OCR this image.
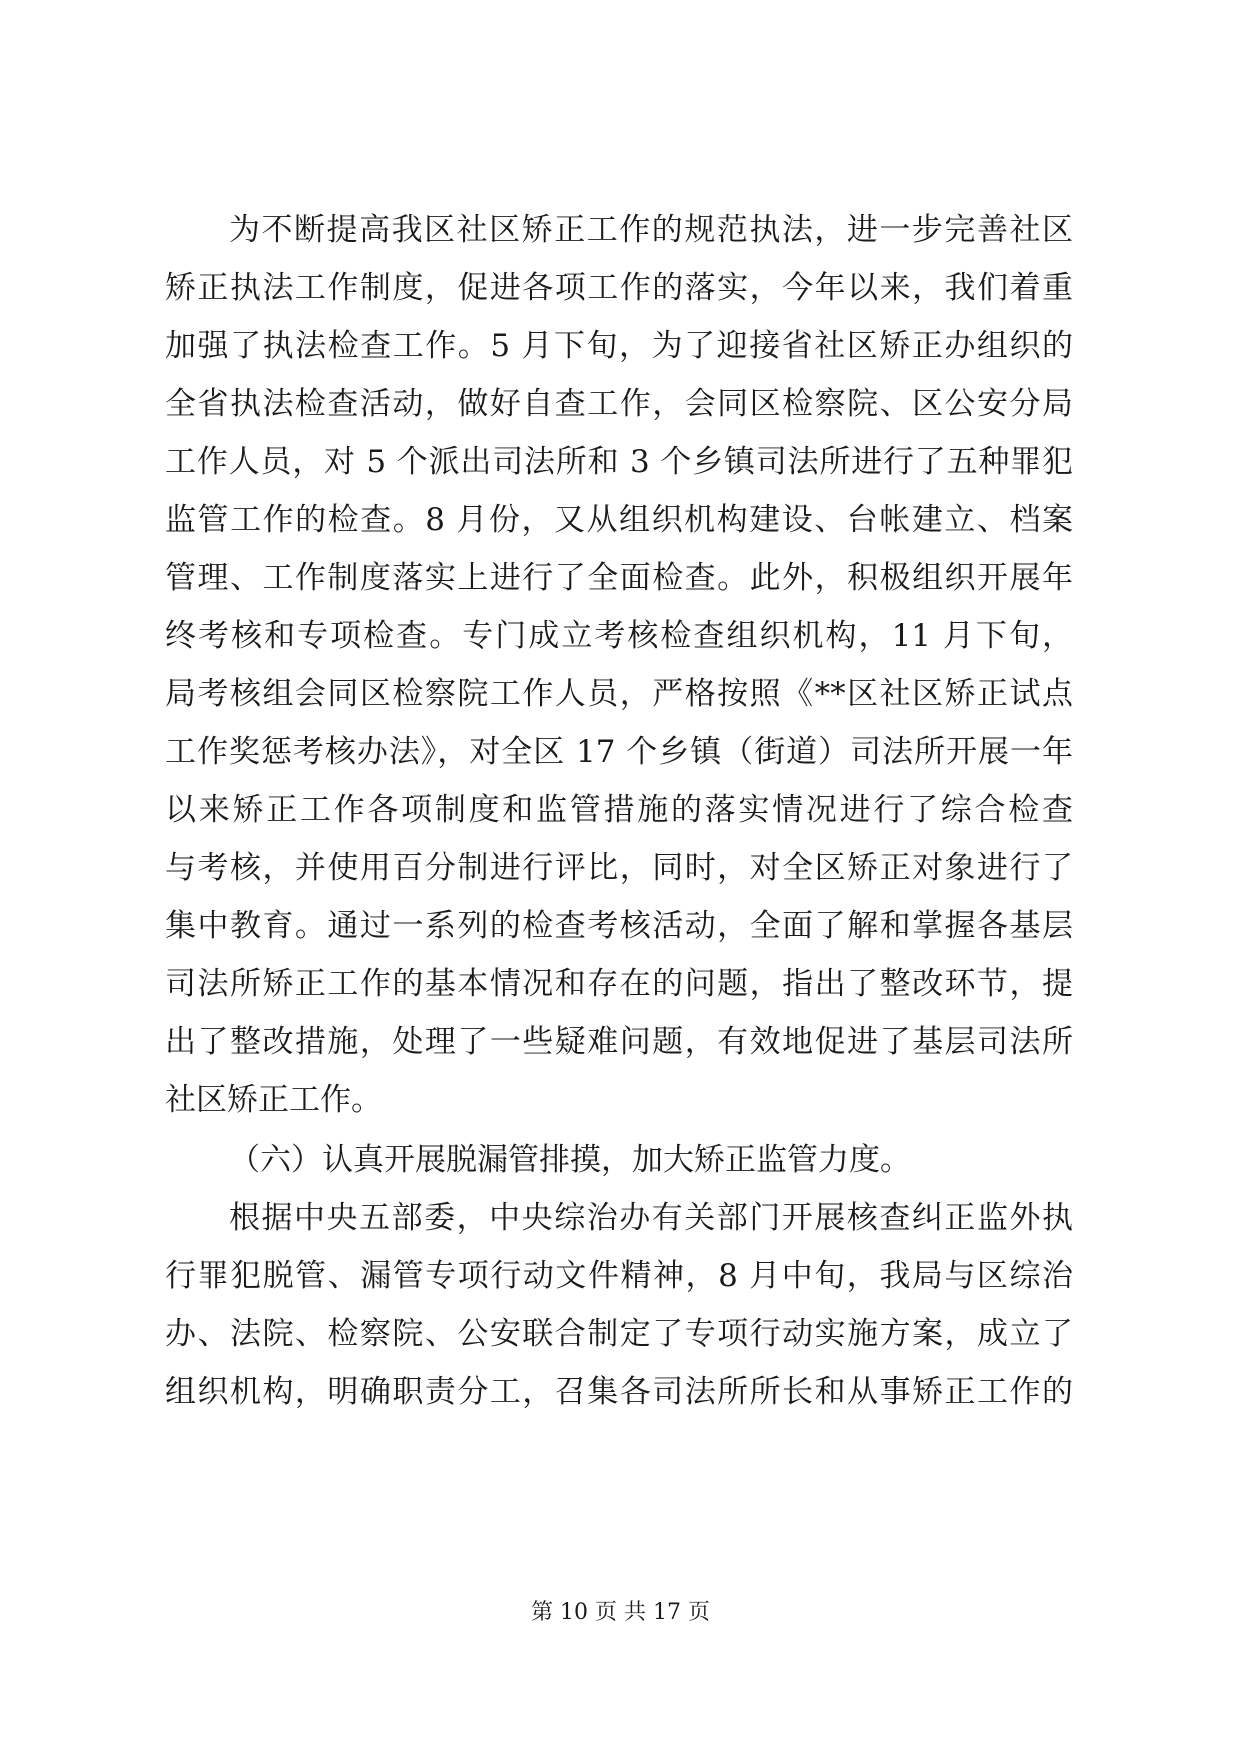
为不断提高我区社区矫正工作的规范执法，进一步完善社区
矫正执法工作制度，促进各项工作的落实，今年以来，我们着重
加强了执法检查工作。5 月下旬，为了迎接省社区矫正办组织的
全省执法检查活动，做好自查工作，会同区检察院、区公安分局
工作人员，对 5 个派出司法所和 3 个乡镇司法所进行了五种罪犯
监管工作的检查。8 月份，又从组织机构建设、台帐建立、档案
管理、工作制度落实上进行了全面检查。此外，积极组织开展年
终考核和专项检查。专门成立考核检查组织机构，11 月下旬，
局考核组会同区检察院工作人员，严格按照《**区社区矫正试点
工作奖惩考核办法》，对全区 17 个乡镇（街道）司法所开展一年
以来矫正工作各项制度和监管措施的落实情况进行了综合检查
与考核，并使用百分制进行评比，同时，对全区矫正对象进行了
集中教育。通过一系列的检查考核活动，全面了解和掌握各基层
司法所矫正工作的基本情况和存在的问题，指出了整改环节，提
出了整改措施，处理了一些疑难问题，有效地促进了基层司法所
社区矫正工作。
（六）认真开展脱漏管排摸，加大矫正监管力度。
根据中央五部委，中央综治办有关部门开展核查纠正监外执
行罪犯脱管、漏管专项行动文件精神，8 月中旬，我局与区综治
办、法院、检察院、公安联合制定了专项行动实施方案，成立了
组织机构，明确职责分工，召集各司法所所长和从事矫正工作的
第 10 页 共 17 页
